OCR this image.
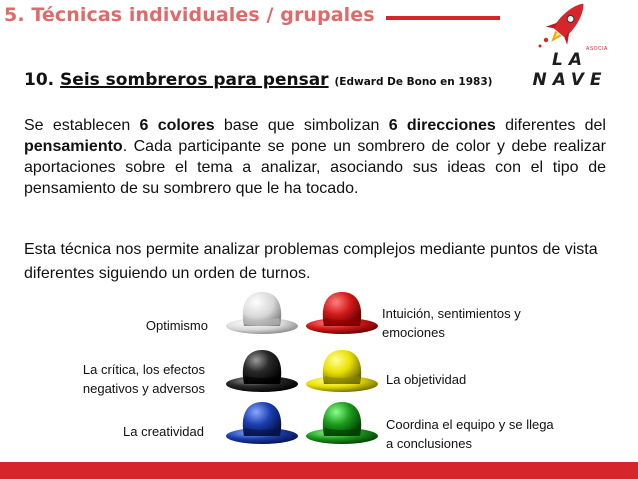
5. Técnicas individuales / grupales
ASOCIA
LA NAVE
10. Seis sombreros para pensar (Edward De Bono en 1983)

Se establecen 6 colores base que simbolizan 6 direcciones diferentes del pensamiento. Cada participante se pone un sombrero de color y debe realizar aportaciones sobre el tema a analizar, asociando sus ideas con el tipo de pensamiento de su sombrero que le ha tocado.

Esta técnica nos permite analizar problemas complejos mediante puntos de vista diferentes siguiendo un orden de turnos.

Optimismo
La crítica, los efectos
negativos y adversos
La creatividad
Intuición, sentimientos y
emociones
La objetividad
Coordina el equipo y se llega
a conclusiones
